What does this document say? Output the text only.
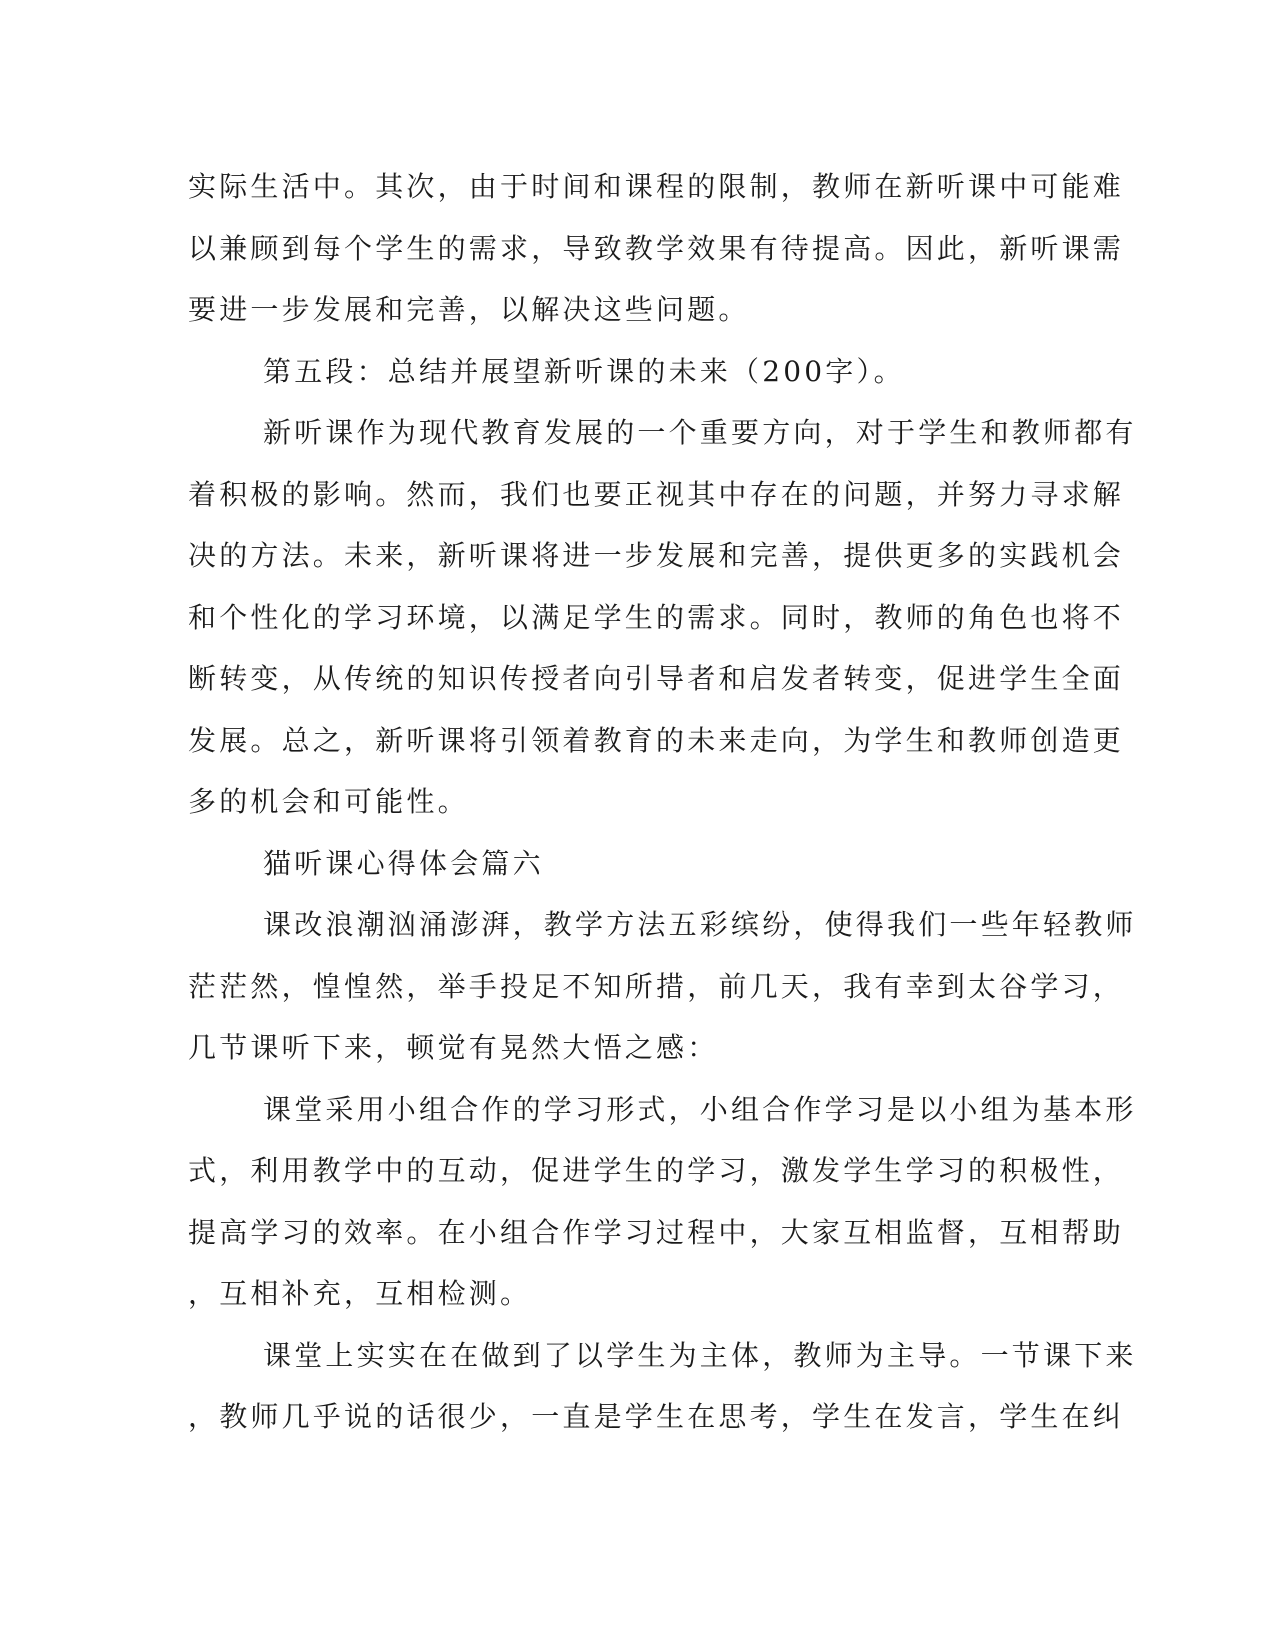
实际生活中。其次，由于时间和课程的限制，教师在新听课中可能难
以兼顾到每个学生的需求，导致教学效果有待提高。因此，新听课需
要进一步发展和完善，以解决这些问题。
第五段：总结并展望新听课的未来（200字）。
新听课作为现代教育发展的一个重要方向，对于学生和教师都有
着积极的影响。然而，我们也要正视其中存在的问题，并努力寻求解
决的方法。未来，新听课将进一步发展和完善，提供更多的实践机会
和个性化的学习环境，以满足学生的需求。同时，教师的角色也将不
断转变，从传统的知识传授者向引导者和启发者转变，促进学生全面
发展。总之，新听课将引领着教育的未来走向，为学生和教师创造更
多的机会和可能性。
猫听课心得体会篇六
课改浪潮汹涌澎湃，教学方法五彩缤纷，使得我们一些年轻教师
茫茫然，惶惶然，举手投足不知所措，前几天，我有幸到太谷学习，
几节课听下来，顿觉有晃然大悟之感：
课堂采用小组合作的学习形式，小组合作学习是以小组为基本形
式，利用教学中的互动，促进学生的学习，激发学生学习的积极性，
提高学习的效率。在小组合作学习过程中，大家互相监督，互相帮助
，互相补充，互相检测。
课堂上实实在在做到了以学生为主体，教师为主导。一节课下来
，教师几乎说的话很少，一直是学生在思考，学生在发言，学生在纠
